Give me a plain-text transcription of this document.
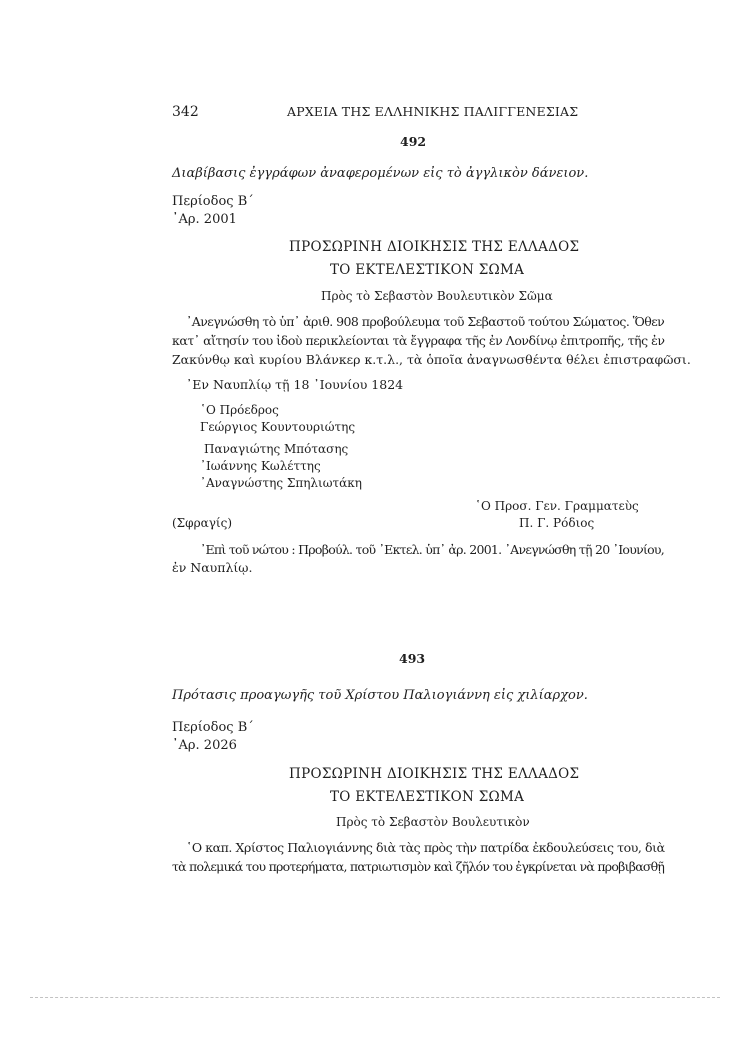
342	ΑΡΧΕΙΑ ΤΗΣ ΕΛΛΗΝΙΚΗΣ ΠΑΛΙΓΓΕΝΕΣΙΑΣ
492
Διαβίβασις ἐγγράφων ἀναφερομένων εἰς τὸ ἀγγλικὸν δάνειον.
Περίοδος Β΄
᾿Αρ. 2001
ΠΡΟΣΩΡΙΝΗ ΔΙΟΙΚΗΣΙΣ ΤΗΣ ΕΛΛΑΔΟΣ
ΤΟ ΕΚΤΕΛΕΣΤΙΚΟΝ ΣΩΜΑ
Πρὸς τὸ Σεβαστὸν Βουλευτικὸν Σῶμα
᾿Ανεγνώσθη τὸ ὑπ᾿ ἀριθ. 908 προβούλευμα τοῦ Σεβαστοῦ τούτου Σώματος. Ὅθεν
κατ᾿ αἴτησίν του ἰδοὺ περικλείονται τὰ ἔγγραφα τῆς ἐν Λονδίνῳ ἐπιτροπῆς, τῆς ἐν
Ζακύνθῳ καὶ κυρίου Βλάνκερ κ.τ.λ., τὰ ὁποῖα ἀναγνωσθέντα θέλει ἐπιστραφῶσι.
᾿Εν Ναυπλίῳ τῇ 18 ᾿Ιουνίου 1824
῾Ο Πρόεδρος
Γεώργιος Κουντουριώτης
Παναγιώτης Μπότασης
᾿Ιωάννης Κωλέττης
᾿Αναγνώστης Σπηλιωτάκη
῾Ο Προσ. Γεν. Γραμματεὺς
(Σφραγίς)	Π. Γ. Ρόδιος
᾿Επὶ τοῦ νώτου : Προβούλ. τοῦ ᾿Εκτελ. ὑπ᾿ ἀρ. 2001. ᾿Ανεγνώσθη τῇ 20 ᾿Ιουνίου,
ἐν Ναυπλίῳ.
493
Πρότασις προαγωγῆς τοῦ Χρίστου Παλιογιάννη εἰς χιλίαρχον.
Περίοδος Β΄
᾿Αρ. 2026
ΠΡΟΣΩΡΙΝΗ ΔΙΟΙΚΗΣΙΣ ΤΗΣ ΕΛΛΑΔΟΣ
ΤΟ ΕΚΤΕΛΕΣΤΙΚΟΝ ΣΩΜΑ
Πρὸς τὸ Σεβαστὸν Βουλευτικὸν
῾Ο καπ. Χρίστος Παλιογιάννης διὰ τὰς πρὸς τὴν πατρίδα ἐκδουλεύσεις του, διὰ
τὰ πολεμικά του προτερήματα, πατριωτισμὸν καὶ ζῆλόν του ἐγκρίνεται νὰ προβιβασθῇ
